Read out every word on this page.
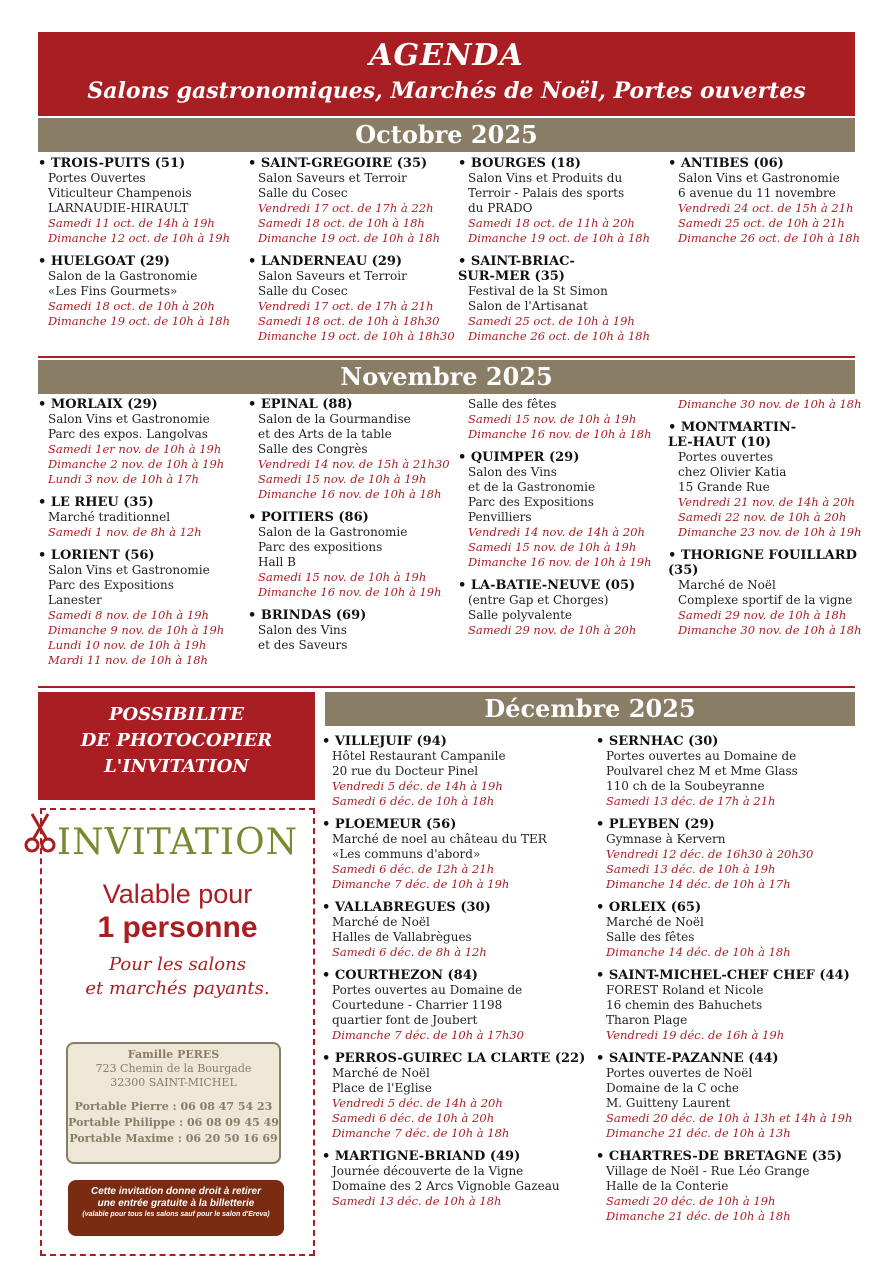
AGENDA
Salons gastronomiques, Marchés de Noël, Portes ouvertes
Octobre 2025
• TROIS-PUITS (51)
Portes Ouvertes
Viticulteur Champenois
LARNAUDIE-HIRAULT
Samedi 11 oct. de 14h à 19h
Dimanche 12 oct. de 10h à 19h
• HUELGOAT (29)
Salon de la Gastronomie
«Les Fins Gourmets»
Samedi 18 oct. de 10h à 20h
Dimanche 19 oct. de 10h à 18h
• SAINT-GREGOIRE (35)
Salon Saveurs et Terroir
Salle du Cosec
Vendredi 17 oct. de 17h à 22h
Samedi 18 oct. de 10h à 18h
Dimanche 19 oct. de 10h à 18h
• LANDERNEAU (29)
Salon Saveurs et Terroir
Salle du Cosec
Vendredi 17 oct. de 17h à 21h
Samedi 18 oct. de 10h à 18h30
Dimanche 19 oct. de 10h à 18h30
• BOURGES (18)
Salon Vins et Produits du
Terroir - Palais des sports
du PRADO
Samedi 18 oct. de 11h à 20h
Dimanche 19 oct. de 10h à 18h
• SAINT-BRIAC-
SUR-MER (35)
Festival de la St Simon
Salon de l'Artisanat
Samedi 25 oct. de 10h à 19h
Dimanche 26 oct. de 10h à 18h
• ANTIBES (06)
Salon Vins et Gastronomie
6 avenue du 11 novembre
Vendredi 24 oct. de 15h à 21h
Samedi 25 oct. de 10h à 21h
Dimanche 26 oct. de 10h à 18h
Novembre 2025
• MORLAIX (29)
Salon Vins et Gastronomie
Parc des expos. Langolvas
Samedi 1er nov. de 10h à 19h
Dimanche 2 nov. de 10h à 19h
Lundi 3 nov. de 10h à 17h
• LE RHEU (35)
Marché traditionnel
Samedi 1 nov. de 8h à 12h
• LORIENT (56)
Salon Vins et Gastronomie
Parc des Expositions
Lanester
Samedi 8 nov. de 10h à 19h
Dimanche 9 nov. de 10h à 19h
Lundi 10 nov. de 10h à 19h
Mardi 11 nov. de 10h à 18h
• EPINAL (88)
Salon de la Gourmandise
et des Arts de la table
Salle des Congrès
Vendredi 14 nov. de 15h à 21h30
Samedi 15 nov. de 10h à 19h
Dimanche 16 nov. de 10h à 18h
• POITIERS (86)
Salon de la Gastronomie
Parc des expositions
Hall B
Samedi 15 nov. de 10h à 19h
Dimanche 16 nov. de 10h à 19h
• BRINDAS (69)
Salon des Vins
et des Saveurs
Salle des fêtes
Samedi 15 nov. de 10h à 19h
Dimanche 16 nov. de 10h à 18h
• QUIMPER (29)
Salon des Vins
et de la Gastronomie
Parc des Expositions
Penvilliers
Vendredi 14 nov. de 14h à 20h
Samedi 15 nov. de 10h à 19h
Dimanche 16 nov. de 10h à 19h
• LA-BATIE-NEUVE (05)
(entre Gap et Chorges)
Salle polyvalente
Samedi 29 nov. de 10h à 20h
Dimanche 30 nov. de 10h à 18h
• MONTMARTIN-
LE-HAUT (10)
Portes ouvertes
chez Olivier Katia
15 Grande Rue
Vendredi 21 nov. de 14h à 20h
Samedi 22 nov. de 10h à 20h
Dimanche 23 nov. de 10h à 19h
• THORIGNE FOUILLARD
(35)
Marché de Noël
Complexe sportif de la vigne
Samedi 29 nov. de 10h à 18h
Dimanche 30 nov. de 10h à 18h
POSSIBILITE
DE PHOTOCOPIER
L'INVITATION
INVITATION
Valable pour
1 personne
Pour les salons
et marchés payants.
Famille PERES
723 Chemin de la Bourgade
32300 SAINT-MICHEL
Portable Pierre : 06 08 47 54 23
Portable Philippe : 06 08 09 45 49
Portable Maxime : 06 20 50 16 69
Cette invitation donne droit à retirer
une entrée gratuite à la billetterie
(valable pour tous les salons sauf pour le salon d'Ereva)
Décembre 2025
• VILLEJUIF (94)
Hôtel Restaurant Campanile
20 rue du Docteur Pinel
Vendredi 5 déc. de 14h à 19h
Samedi 6 déc. de 10h à 18h
• PLOEMEUR (56)
Marché de noel au château du TER
«Les communs d'abord»
Samedi 6 déc. de 12h à 21h
Dimanche 7 déc. de 10h à 19h
• VALLABREGUES (30)
Marché de Noël
Halles de Vallabrègues
Samedi 6 déc. de 8h à 12h
• COURTHEZON (84)
Portes ouvertes au Domaine de
Courtedune - Charrier 1198
quartier font de Joubert
Dimanche 7 déc. de 10h à 17h30
• PERROS-GUIREC LA CLARTE (22)
Marché de Noël
Place de l'Eglise
Vendredi 5 déc. de 14h à 20h
Samedi 6 déc. de 10h à 20h
Dimanche 7 déc. de 10h à 18h
• MARTIGNE-BRIAND (49)
Journée découverte de la Vigne
Domaine des 2 Arcs Vignoble Gazeau
Samedi 13 déc. de 10h à 18h
• SERNHAC (30)
Portes ouvertes au Domaine de
Poulvarel chez M et Mme Glass
110 ch de la Soubeyranne
Samedi 13 déc. de 17h à 21h
• PLEYBEN (29)
Gymnase à Kervern
Vendredi 12 déc. de 16h30 à 20h30
Samedi 13 déc. de 10h à 19h
Dimanche 14 déc. de 10h à 17h
• ORLEIX (65)
Marché de Noël
Salle des fêtes
Dimanche 14 déc. de 10h à 18h
• SAINT-MICHEL-CHEF CHEF (44)
FOREST Roland et Nicole
16 chemin des Bahuchets
Tharon Plage
Vendredi 19 déc. de 16h à 19h
• SAINTE-PAZANNE (44)
Portes ouvertes de Noël
Domaine de la C oche
M. Guitteny Laurent
Samedi 20 déc. de 10h à 13h et 14h à 19h
Dimanche 21 déc. de 10h à 13h
• CHARTRES-DE BRETAGNE (35)
Village de Noël - Rue Léo Grange
Halle de la Conterie
Samedi 20 déc. de 10h à 19h
Dimanche 21 déc. de 10h à 18h
